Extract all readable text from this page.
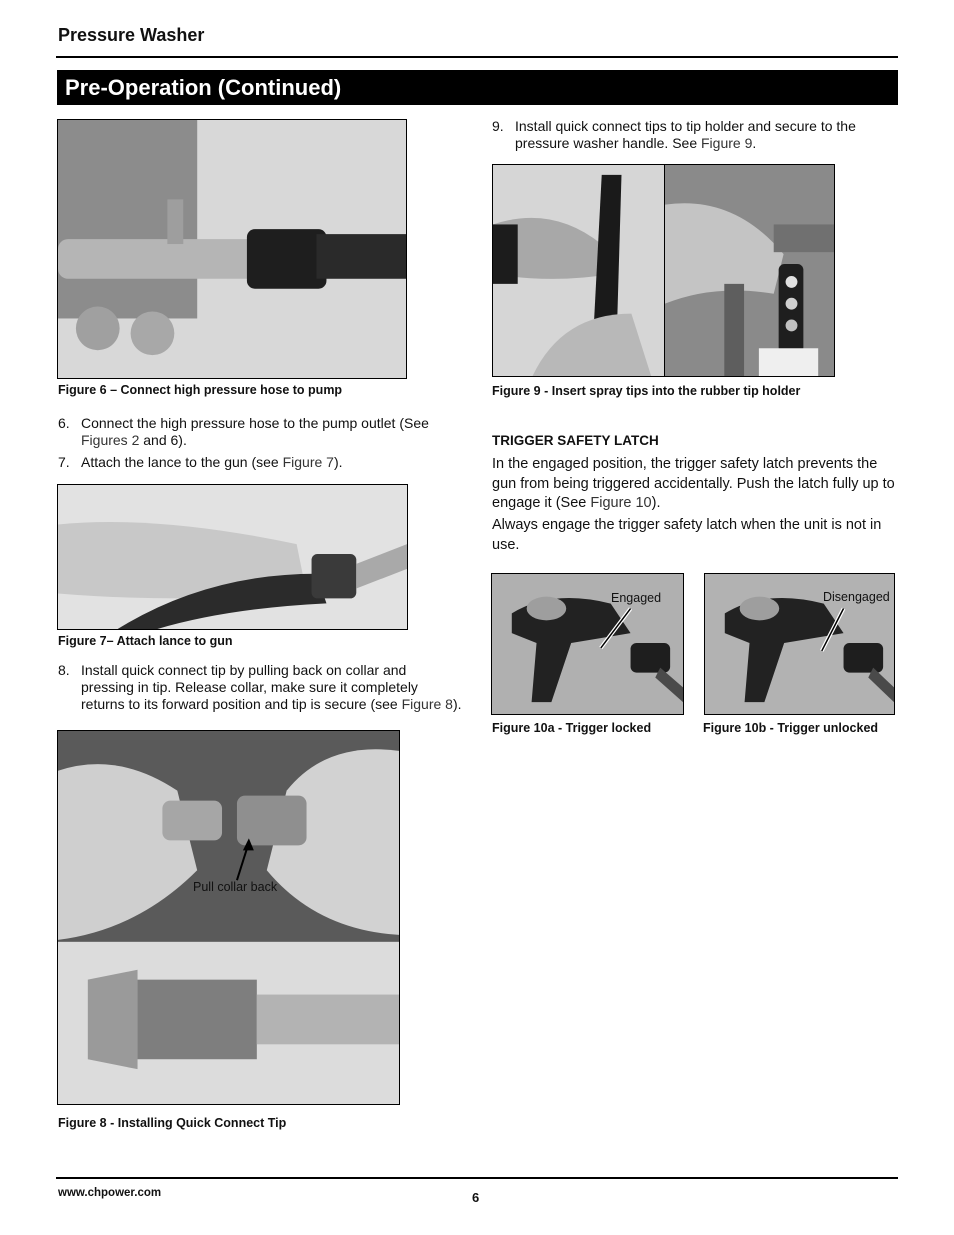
Pressure Washer
Pre-Operation (Continued)
Figure 6 – Connect high pressure hose to pump
6. Connect the high pressure hose to the pump outlet (See Figures 2 and 6).
7. Attach the lance to the gun (see Figure 7).
Figure 7– Attach lance to gun
8. Install quick connect tip by pulling back on collar and pressing in tip. Release collar, make sure it completely returns to its forward position and tip is secure (see Figure 8).
Pull collar back
Figure 8 - Installing Quick Connect Tip
9. Install quick connect tips to tip holder and secure to the pressure washer handle. See Figure 9.
Figure 9 - Insert spray tips into the rubber tip holder
TRIGGER SAFETY LATCH
In the engaged position, the trigger safety latch prevents the gun from being triggered accidentally. Push the latch fully up to engage it (See Figure 10).
Always engage the trigger safety latch when the unit is not in use.
Engaged
Figure 10a - Trigger locked
Disengaged
Figure 10b - Trigger unlocked
www.chpower.com	6
